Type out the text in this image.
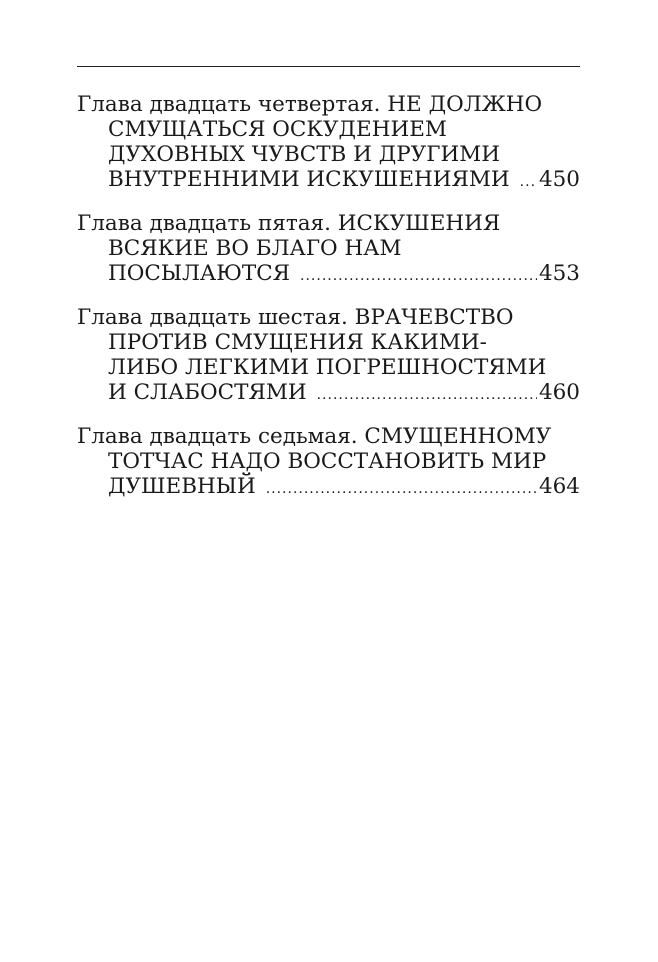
Глава двадцать четвертая. НЕ ДОЛЖНО
СМУЩАТЬСЯ ОСКУДЕНИЕМ
ДУХОВНЫХ ЧУВСТВ И ДРУГИМИ
ВНУТРЕННИМИ ИСКУШЕНИЯМИ ..... 450
Глава двадцать пятая. ИСКУШЕНИЯ
ВСЯКИЕ ВО БЛАГО НАМ
ПОСЫЛАЮТСЯ .....	453
Глава двадцать шестая. ВРАЧЕВСТВО
ПРОТИВ СМУЩЕНИЯ КАКИМИ-
ЛИБО ЛЕГКИМИ ПОГРЕШНОСТЯМИ
И СЛАБОСТЯМИ .....	460
Глава двадцать седьмая. СМУЩЕННОМУ
ТОТЧАС НАДО ВОССТАНОВИТЬ МИР
ДУШЕВНЫЙ .....	464
